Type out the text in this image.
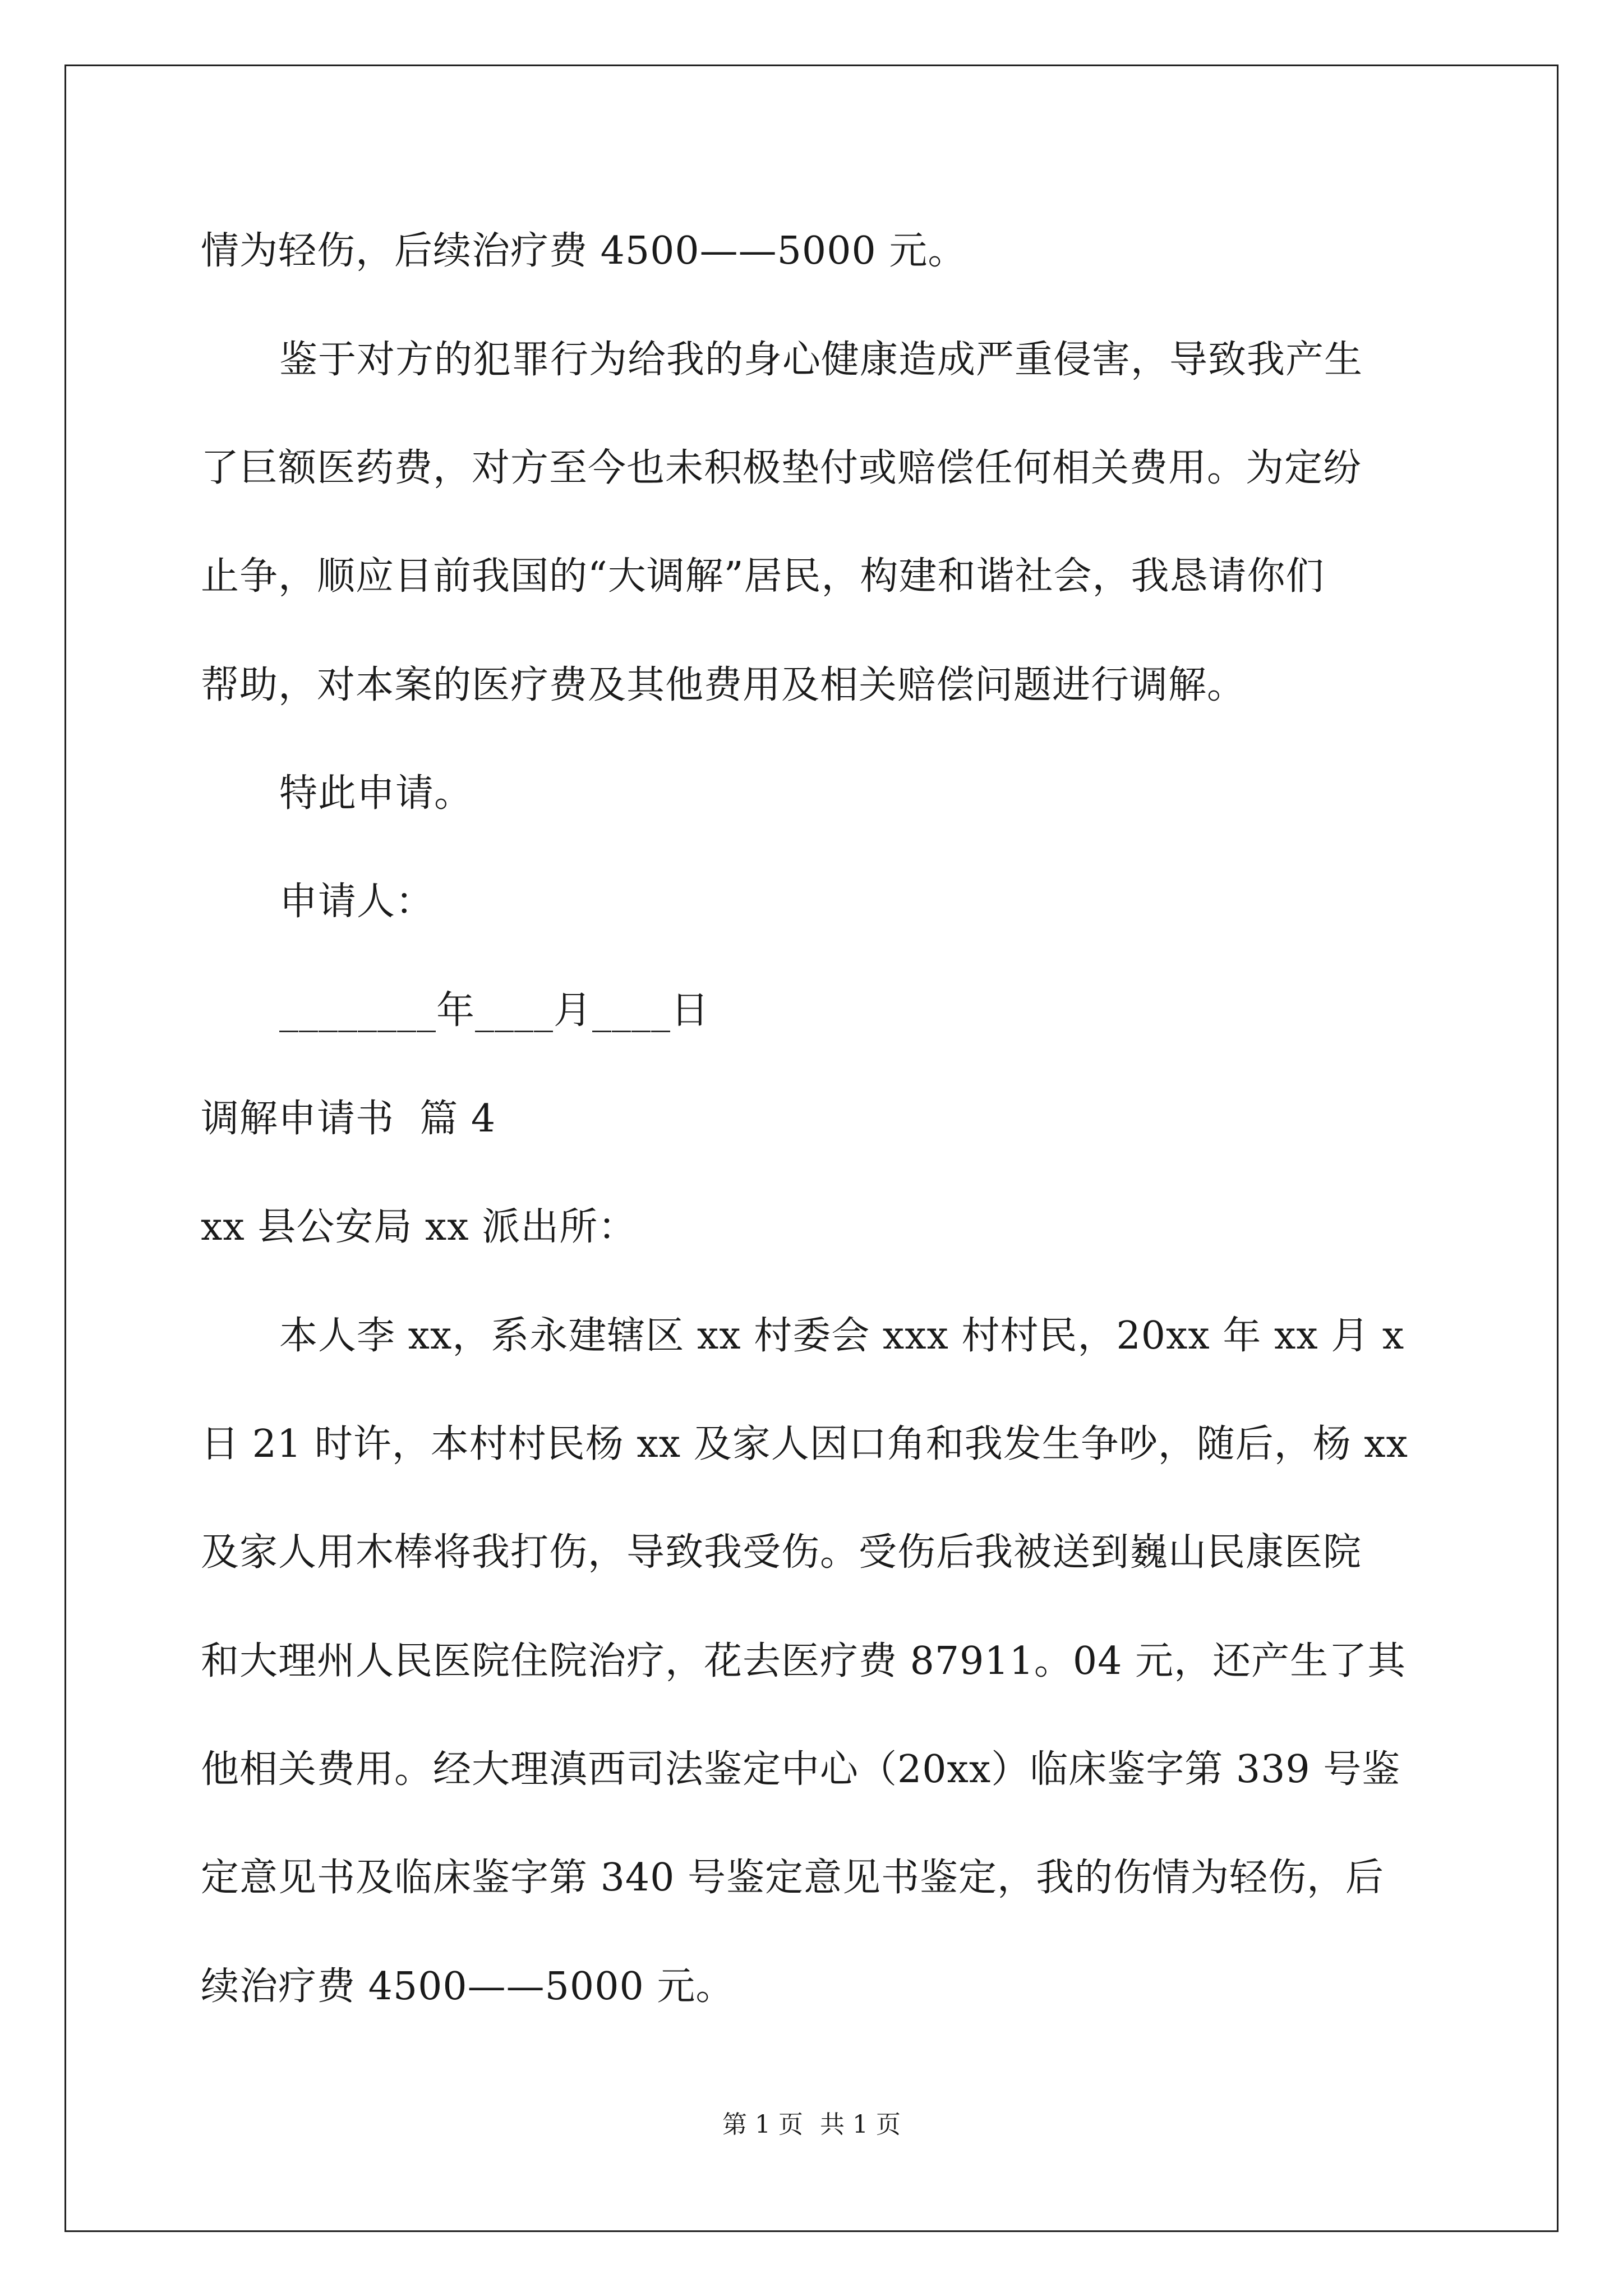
情为轻伤，后续治疗费 4500——5000 元。
鉴于对方的犯罪行为给我的身心健康造成严重侵害，导致我产生
了巨额医药费，对方至今也未积极垫付或赔偿任何相关费用。为定纷
止争，顺应目前我国的“大调解”居民，构建和谐社会，我恳请你们
帮助，对本案的医疗费及其他费用及相关赔偿问题进行调解。
特此申请。
申请人：
________年____月____日
调解申请书  篇 4
xx 县公安局 xx 派出所：
本人李 xx，系永建辖区 xx 村委会 xxx 村村民，20xx 年 xx 月 x
日 21 时许，本村村民杨 xx 及家人因口角和我发生争吵，随后，杨 xx
及家人用木棒将我打伤，导致我受伤。受伤后我被送到巍山民康医院
和大理州人民医院住院治疗，花去医疗费 87911。04 元，还产生了其
他相关费用。经大理滇西司法鉴定中心（20xx）临床鉴字第 339 号鉴
定意见书及临床鉴字第 340 号鉴定意见书鉴定，我的伤情为轻伤，后
续治疗费 4500——5000 元。
第 1 页 共 1 页
